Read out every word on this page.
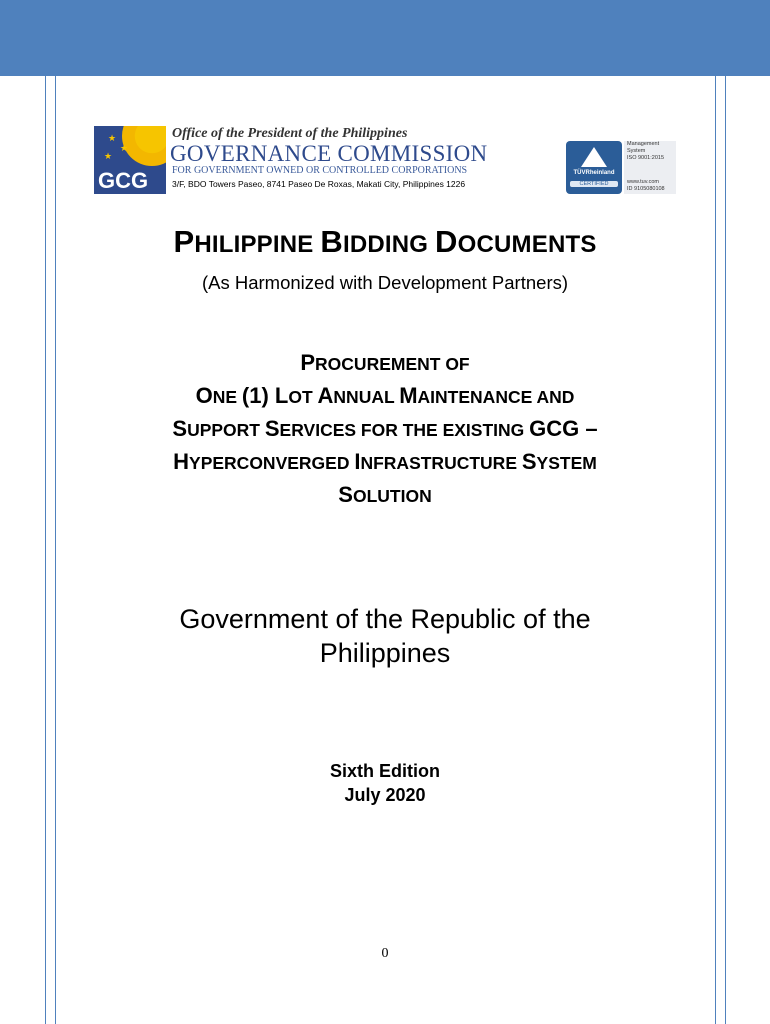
★
★
★
GCG
Office of the President of the Philippines
GOVERNANCE COMMISSION
FOR GOVERNMENT OWNED OR CONTROLLED CORPORATIONS
3/F, BDO Towers Paseo, 8741 Paseo De Roxas, Makati City, Philippines 1226
TÜVRheinland
CERTIFIED
Management
System
ISO 9001:2015
www.tuv.com
ID 9105080108
PHILIPPINE BIDDING DOCUMENTS
(As Harmonized with Development Partners)
PROCUREMENT OF
ONE (1) LOT ANNUAL MAINTENANCE AND
SUPPORT SERVICES FOR THE EXISTING GCG –
HYPERCONVERGED INFRASTRUCTURE SYSTEM
SOLUTION
Government of the Republic of the
Philippines
Sixth Edition
July 2020
0
